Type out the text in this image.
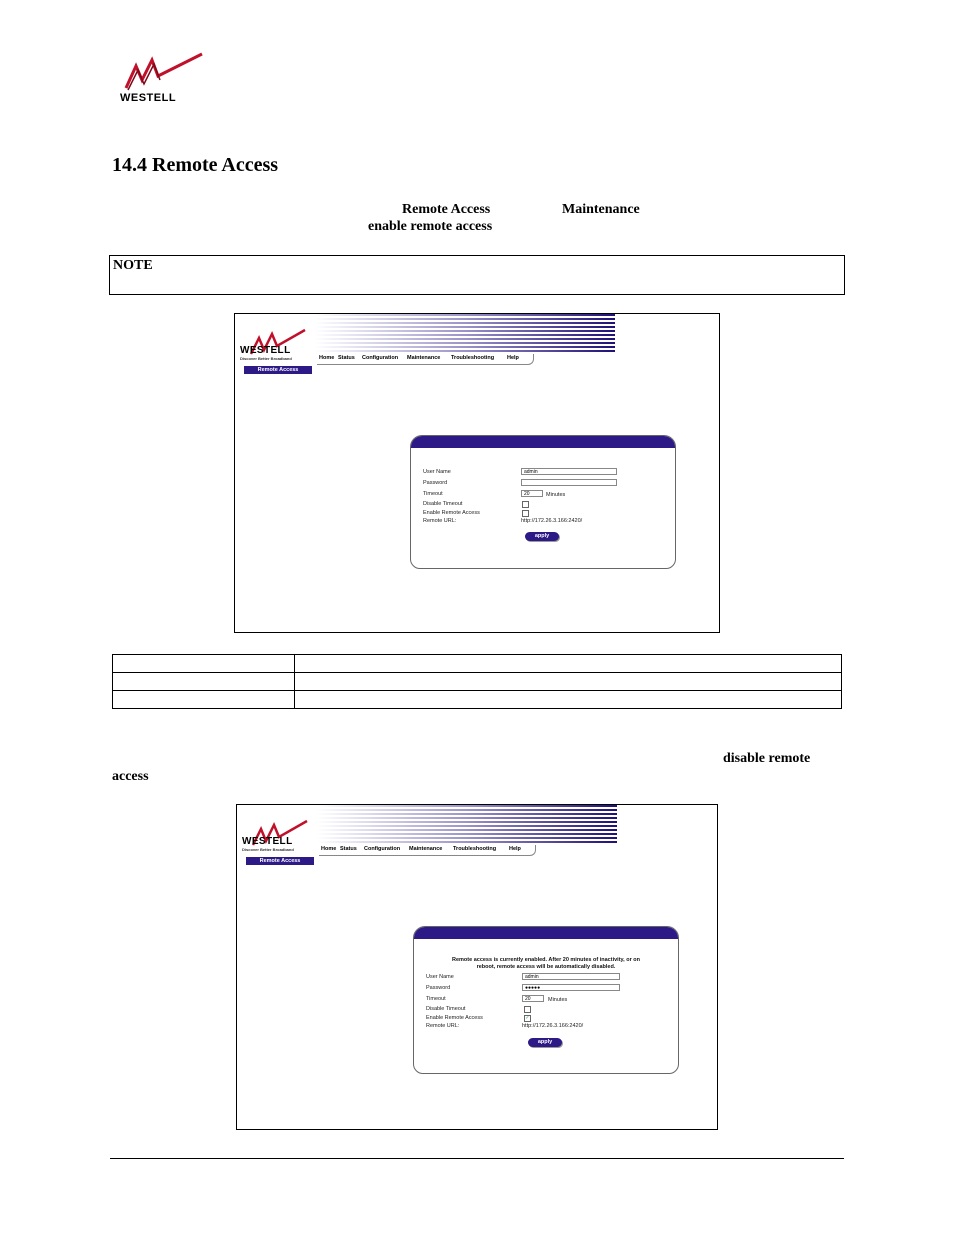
WESTELL
14.4 Remote Access
Remote Access	Maintenance
enable remote access
NOTE
WESTELL
Discover Better Broadband	Home Status Configuration Maintenance Troubleshooting Help
Remote Access
User Name	admin
Password
Timeout	20	Minutes
Disable Timeout
Enable Remote Access
Remote URL:	http://172.26.3.166:2420/
apply

disable remote
access
WESTELL
Discover Better Broadband	Home Status Configuration Maintenance Troubleshooting Help
Remote Access
Remote access is currently enabled. After 20 minutes of inactivity, or on
reboot, remote access will be automatically disabled.
User Name	admin
Password	●●●●●
Timeout	20	Minutes
Disable Timeout
Enable Remote Access	✓
Remote URL:	http://172.26.3.166:2420/
apply
